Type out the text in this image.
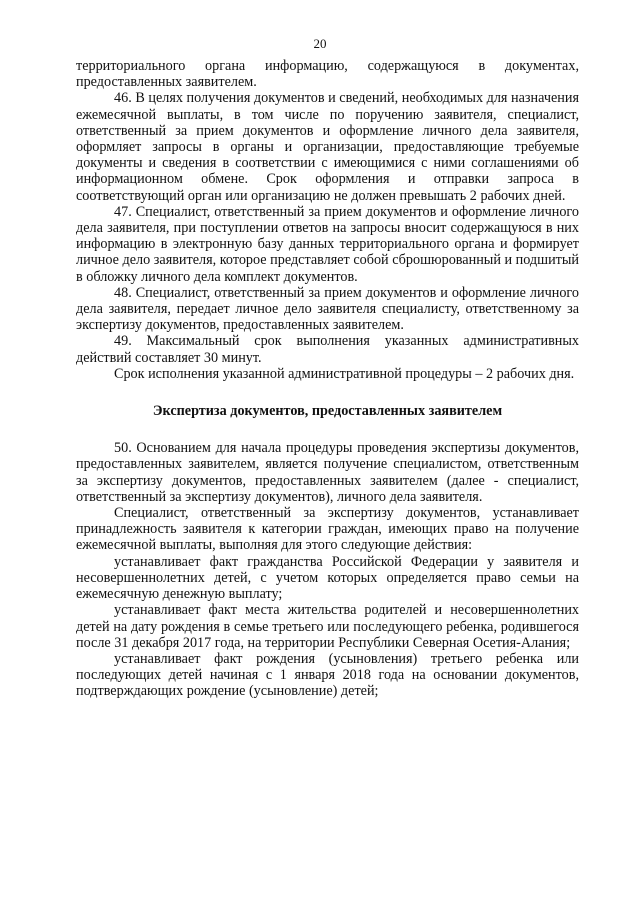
20

территориального органа информацию, содержащуюся в документах, предоставленных заявителем.

46. В целях получения документов и сведений, необходимых для назначения ежемесячной выплаты, в том числе по поручению заявителя, специалист, ответственный за прием документов и оформление личного дела заявителя, оформляет запросы в органы и организации, предоставляющие требуемые документы и сведения в соответствии с имеющимися с ними соглашениями об информационном обмене. Срок оформления и отправки запроса в соответствующий орган или организацию не должен превышать 2 рабочих дней.

47. Специалист, ответственный за прием документов и оформление личного дела заявителя, при поступлении ответов на запросы вносит содержащуюся в них информацию в электронную базу данных территориального органа и формирует личное дело заявителя, которое представляет собой сброшюрованный и подшитый в обложку личного дела комплект документов.

48. Специалист, ответственный за прием документов и оформление личного дела заявителя, передает личное дело заявителя специалисту, ответственному за экспертизу документов, предоставленных заявителем.

49. Максимальный срок выполнения указанных административных действий составляет 30 минут.

Срок исполнения указанной административной процедуры – 2 рабочих дня.

Экспертиза документов, предоставленных заявителем

50. Основанием для начала процедуры проведения экспертизы документов, предоставленных заявителем, является получение специалистом, ответственным за экспертизу документов, предоставленных заявителем (далее - специалист, ответственный за экспертизу документов), личного дела заявителя.

Специалист, ответственный за экспертизу документов, устанавливает принадлежность заявителя к категории граждан, имеющих право на получение ежемесячной выплаты, выполняя для этого следующие действия:

устанавливает факт гражданства Российской Федерации у заявителя и несовершеннолетних детей, с учетом которых определяется право семьи на ежемесячную денежную выплату;

устанавливает факт места жительства родителей и несовершеннолетних детей на дату рождения в семье третьего или последующего ребенка, родившегося после 31 декабря 2017 года, на территории Республики Северная Осетия-Алания;

устанавливает факт рождения (усыновления) третьего ребенка или последующих детей начиная с 1 января 2018 года на основании документов, подтверждающих рождение (усыновление) детей;
